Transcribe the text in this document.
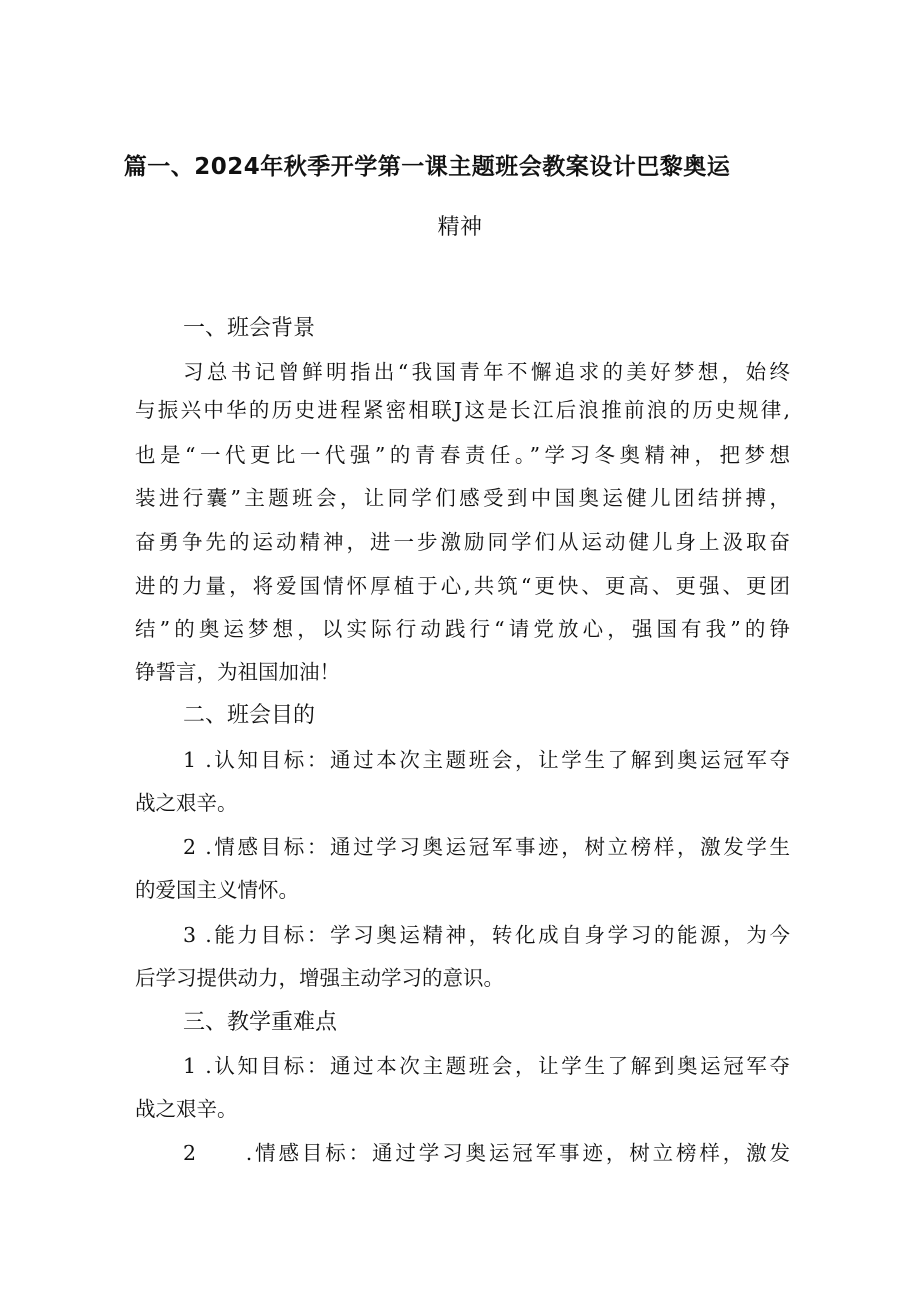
篇一、2024年秋季开学第一课主题班会教案设计巴黎奥运
精神
一、班会背景
习总书记曾鲜明指出“我国青年不懈追求的美好梦想，始终
与振兴中华的历史进程紧密相联J这是长江后浪推前浪的历史规律,
也是“一代更比一代强”的青春责任。”学习冬奥精神，把梦想
装进行囊”主题班会，让同学们感受到中国奥运健儿团结拼搏，
奋勇争先的运动精神，进一步激励同学们从运动健儿身上汲取奋
进的力量，将爱国情怀厚植于心,共筑“更快、更高、更强、更团
结”的奥运梦想，以实际行动践行“请党放心，强国有我”的铮
铮誓言，为祖国加油！
二、班会目的
1 .认知目标：通过本次主题班会，让学生了解到奥运冠军夺
战之艰辛。
2 .情感目标：通过学习奥运冠军事迹，树立榜样，激发学生
的爱国主义情怀。
3 .能力目标：学习奥运精神，转化成自身学习的能源，为今
后学习提供动力，增强主动学习的意识。
三、教学重难点
1 .认知目标：通过本次主题班会，让学生了解到奥运冠军夺
战之艰辛。
2　　.情感目标：通过学习奥运冠军事迹，树立榜样，激发
